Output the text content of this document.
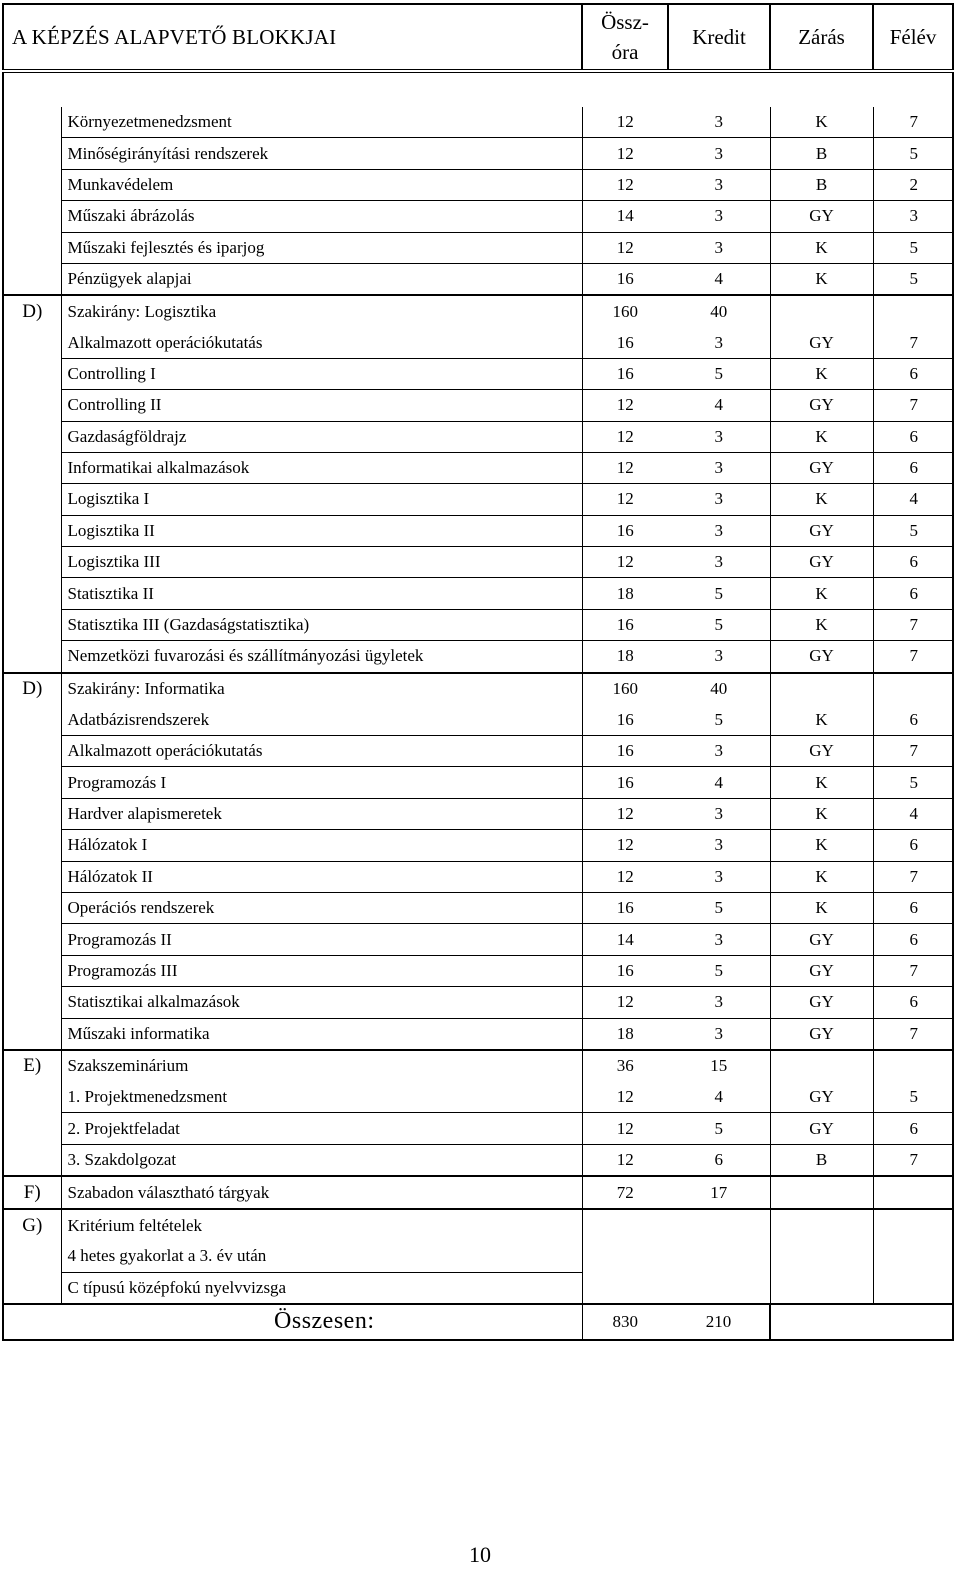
A KÉPZÉS ALAPVETŐ BLOKKJAI		Össz-
óra	Kredit	Zárás	Félév

	Környezetmenedzsment	12	3	K	7
	Minőségirányítási rendszerek	12	3	B	5
	Munkavédelem	12	3	B	2
	Műszaki ábrázolás	14	3	GY	3
	Műszaki fejlesztés és iparjog	12	3	K	5
	Pénzügyek alapjai	16	4	K	5
D)	Szakirány: Logisztika	160	40		
	Alkalmazott operációkutatás	16	3	GY	7
	Controlling I	16	5	K	6
	Controlling II	12	4	GY	7
	Gazdaságföldrajz	12	3	K	6
	Informatikai alkalmazások	12	3	GY	6
	Logisztika I	12	3	K	4
	Logisztika II	16	3	GY	5
	Logisztika III	12	3	GY	6
	Statisztika II	18	5	K	6
	Statisztika III (Gazdaságstatisztika)	16	5	K	7
	Nemzetközi fuvarozási és szállítmányozási ügyletek	18	3	GY	7
D)	Szakirány: Informatika	160	40		
	Adatbázisrendszerek	16	5	K	6
	Alkalmazott operációkutatás	16	3	GY	7
	Programozás I	16	4	K	5
	Hardver alapismeretek	12	3	K	4
	Hálózatok I	12	3	K	6
	Hálózatok II	12	3	K	7
	Operációs rendszerek	16	5	K	6
	Programozás II	14	3	GY	6
	Programozás III	16	5	GY	7
	Statisztikai alkalmazások	12	3	GY	6
	Műszaki informatika	18	3	GY	7
E)	Szakszeminárium	36	15		
	1. Projektmenedzsment	12	4	GY	5
	2. Projektfeladat	12	5	GY	6
	3. Szakdolgozat	12	6	B	7
F)	Szabadon választható tárgyak	72	17		
G)	Kritérium feltételek				
	4 hetes gyakorlat a 3. év után				
	C típusú középfokú nyelvvizsga				
	Összesen:	830	210		
10
